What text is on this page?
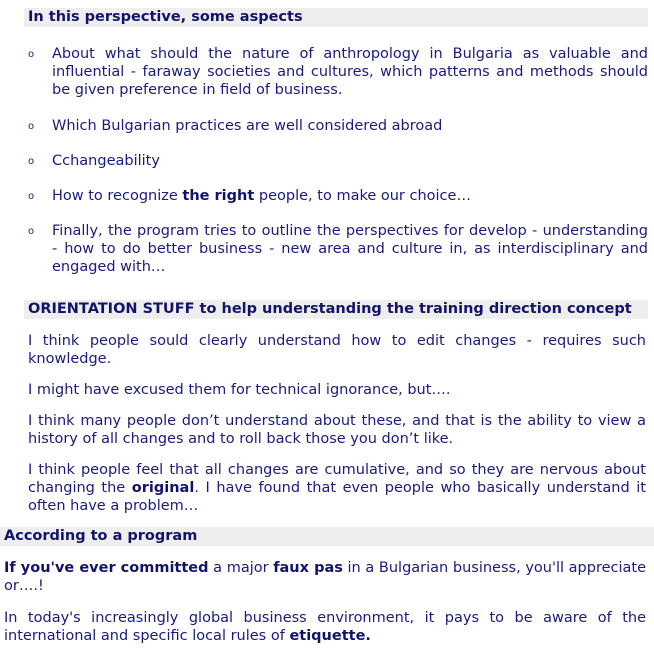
In this perspective, some aspects
o About what should the nature of anthropology in Bulgaria as valuable and influential - faraway societies and cultures, which patterns and methods should be given preference in field of business.
o Which Bulgarian practices are well considered abroad
o Cchangeability
o How to recognize the right people, to make our choice…
o Finally, the program tries to outline the perspectives for develop - understanding - how to do better business - new area and culture in, as interdisciplinary and engaged with…
ORIENTATION STUFF to help understanding the training direction concept

I think people sould clearly understand how to edit changes - requires such knowledge.

I might have excused them for technical ignorance, but….

I think many people don’t understand about these, and that is the ability to view a history of all changes and to roll back those you don’t like.

I think people feel that all changes are cumulative, and so they are nervous about changing the original. I have found that even people who basically understand it often have a problem…

According to a program

If you've ever committed a major faux pas in a Bulgarian business, you'll appreciate or….!

In today's increasingly global business environment, it pays to be aware of the international and specific local rules of etiquette.
